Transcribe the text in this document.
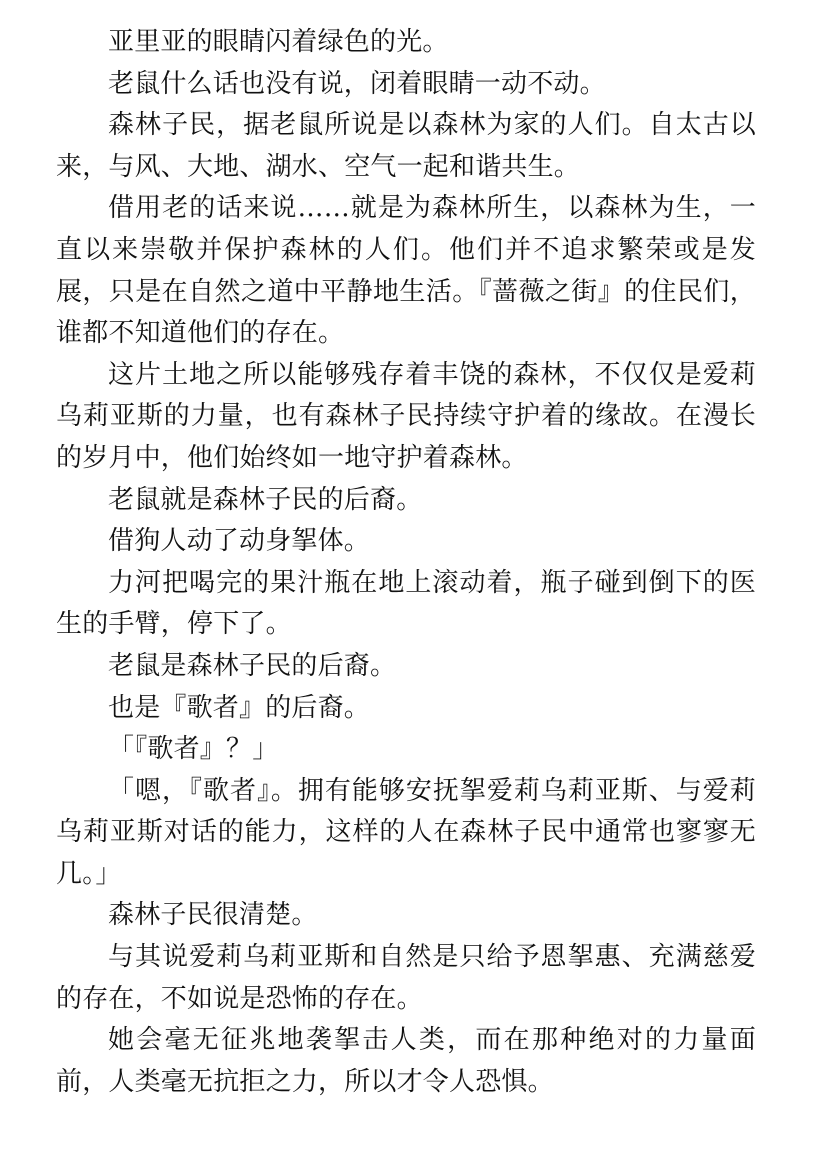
亚里亚的眼睛闪着绿色的光。

老鼠什么话也没有说，闭着眼睛一动不动。

森林子民，据老鼠所说是以森林为家的人们。自太古以来，与风、大地、湖水、空气一起和谐共生。

借用老的话来说……就是为森林所生，以森林为生，一直以来崇敬并保护森林的人们。他们并不追求繁荣或是发展，只是在自然之道中平静地生活。『蔷薇之街』的住民们，谁都不知道他们的存在。

这片土地之所以能够残存着丰饶的森林，不仅仅是爱莉乌莉亚斯的力量，也有森林子民持续守护着的缘故。在漫长的岁月中，他们始终如一地守护着森林。

老鼠就是森林子民的后裔。

借狗人动了动身挐体。

力河把喝完的果汁瓶在地上滚动着，瓶子碰到倒下的医生的手臂，停下了。

老鼠是森林子民的后裔。

也是『歌者』的后裔。

「『歌者』？」

「嗯，『歌者』。拥有能够安抚挐爱莉乌莉亚斯、与爱莉乌莉亚斯对话的能力，这样的人在森林子民中通常也寥寥无几。」

森林子民很清楚。

与其说爱莉乌莉亚斯和自然是只给予恩挐惠、充满慈爱的存在，不如说是恐怖的存在。

她会毫无征兆地袭挐击人类，而在那种绝对的力量面前，人类毫无抗拒之力，所以才令人恐惧。
